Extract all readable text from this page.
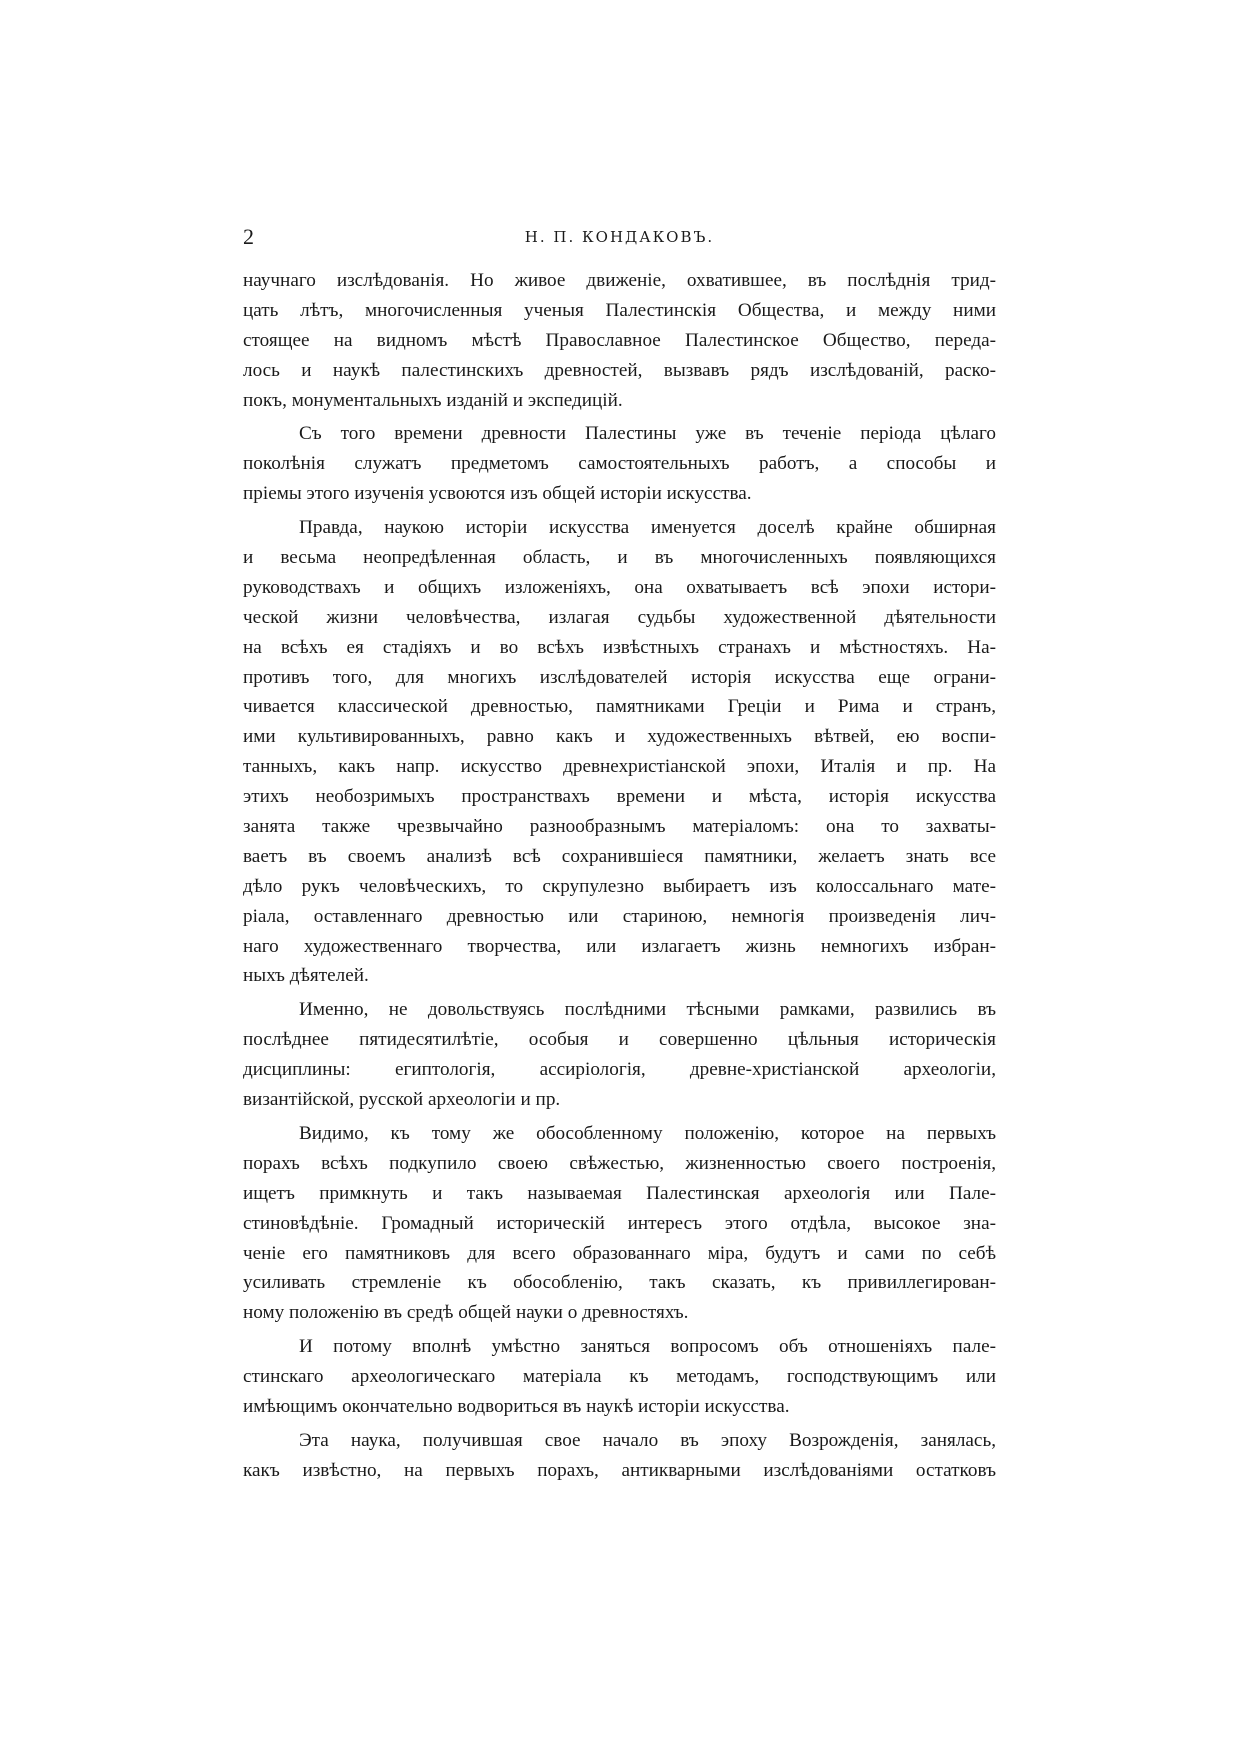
2	Н. П. КОНДАКОВЪ.
научнаго изслѣдованія. Но живое движеніе, охватившее, въ послѣднія трид-
цать лѣтъ, многочисленныя ученыя Палестинскія Общества, и между ними
стоящее на видномъ мѣстѣ Православное Палестинское Общество, переда-
лось и наукѣ палестинскихъ древностей, вызвавъ рядъ изслѣдованій, раско-
покъ, монументальныхъ изданій и экспедицій.
Съ того времени древности Палестины уже въ теченіе періода цѣлаго
поколѣнія служатъ предметомъ самостоятельныхъ работъ, а способы и
пріемы этого изученія усвоются изъ общей исторіи искусства.
Правда, наукою исторіи искусства именуется доселѣ крайне обширная
и весьма неопредѣленная область, и въ многочисленныхъ появляющихся
руководствахъ и общихъ изложеніяхъ, она охватываетъ всѣ эпохи истори-
ческой жизни человѣчества, излагая судьбы художественной дѣятельности
на всѣхъ ея стадіяхъ и во всѣхъ извѣстныхъ странахъ и мѣстностяхъ. На-
противъ того, для многихъ изслѣдователей исторія искусства еще ограни-
чивается классической древностью, памятниками Греціи и Рима и странъ,
ими культивированныхъ, равно какъ и художественныхъ вѣтвей, ею воспи-
танныхъ, какъ напр. искусство древнехристіанской эпохи, Италія и пр. На
этихъ необозримыхъ пространствахъ времени и мѣста, исторія искусства
занята также чрезвычайно разнообразнымъ матеріаломъ: она то захваты-
ваетъ въ своемъ анализѣ всѣ сохранившіеся памятники, желаетъ знать все
дѣло рукъ человѣческихъ, то скрупулезно выбираетъ изъ колоссальнаго мате-
ріала, оставленнаго древностью или стариною, немногія произведенія лич-
наго художественнаго творчества, или излагаетъ жизнь немногихъ избран-
ныхъ дѣятелей.
Именно, не довольствуясь послѣдними тѣсными рамками, развились въ
послѣднее пятидесятилѣтіе, особыя и совершенно цѣльныя историческія
дисциплины: египтологія, ассиріологія, древне-христіанской археологіи,
византійской, русской археологіи и пр.
Видимо, къ тому же обособленному положенію, которое на первыхъ
порахъ всѣхъ подкупило своею свѣжестью, жизненностью своего построенія,
ищетъ примкнуть и такъ называемая Палестинская археологія или Пале-
стиновѣдѣніе. Громадный историческій интересъ этого отдѣла, высокое зна-
ченіе его памятниковъ для всего образованнаго міра, будутъ и сами по себѣ
усиливать стремленіе къ обособленію, такъ сказать, къ привиллегирован-
ному положенію въ средѣ общей науки о древностяхъ.
И потому вполнѣ умѣстно заняться вопросомъ объ отношеніяхъ пале-
стинскаго археологическаго матеріала къ методамъ, господствующимъ или
имѣющимъ окончательно водвориться въ наукѣ исторіи искусства.
Эта наука, получившая свое начало въ эпоху Возрожденія, занялась,
какъ извѣстно, на первыхъ порахъ, антикварными изслѣдованіями остатковъ
